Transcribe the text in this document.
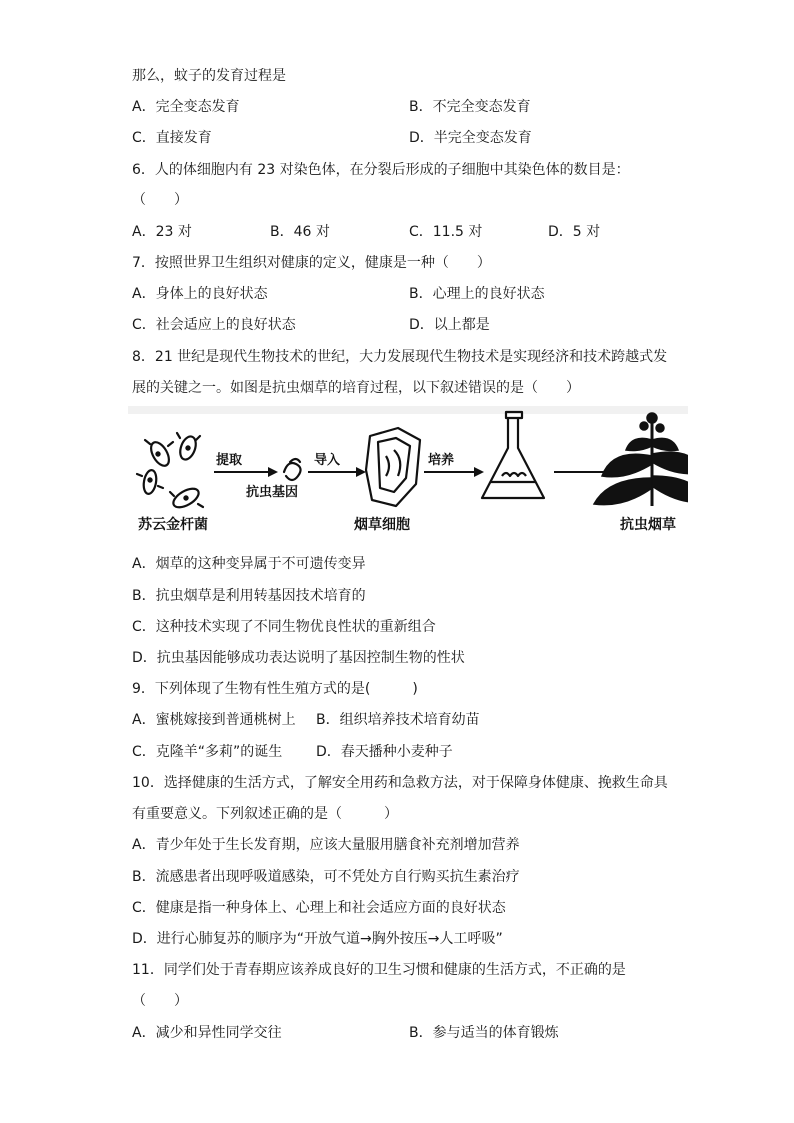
那么，蚊子的发育过程是
A．完全变态发育	B．不完全变态发育
C．直接发育	D．半完全变态发育
6．人的体细胞内有 23 对染色体，在分裂后形成的子细胞中其染色体的数目是：
（　　）
A．23 对	B．46 对	C．11.5 对	D．5 对
7．按照世界卫生组织对健康的定义，健康是一种（　　）
A．身体上的良好状态	B．心理上的良好状态
C．社会适应上的良好状态	D．以上都是
8．21 世纪是现代生物技术的世纪，大力发展现代生物技术是实现经济和技术跨越式发
展的关键之一。如图是抗虫烟草的培育过程，以下叙述错误的是（　　）
苏云金杆菌
提取
抗虫基因
导入
烟草细胞
培养
抗虫烟草
A．烟草的这种变异属于不可遗传变异
B．抗虫烟草是利用转基因技术培育的
C．这种技术实现了不同生物优良性状的重新组合
D．抗虫基因能够成功表达说明了基因控制生物的性状
9．下列体现了生物有性生殖方式的是(　　　)
A．蜜桃嫁接到普通桃树上 B．组织培养技术培育幼苗
C．克隆羊“多莉”的诞生 D．春天播种小麦种子
10．选择健康的生活方式，了解安全用药和急救方法，对于保障身体健康、挽救生命具
有重要意义。下列叙述正确的是（　　　）
A．青少年处于生长发育期，应该大量服用膳食补充剂增加营养
B．流感患者出现呼吸道感染，可不凭处方自行购买抗生素治疗
C．健康是指一种身体上、心理上和社会适应方面的良好状态
D．进行心肺复苏的顺序为“开放气道→胸外按压→人工呼吸”
11．同学们处于青春期应该养成良好的卫生习惯和健康的生活方式，不正确的是
（　　）
A．减少和异性同学交往	B．参与适当的体育锻炼
